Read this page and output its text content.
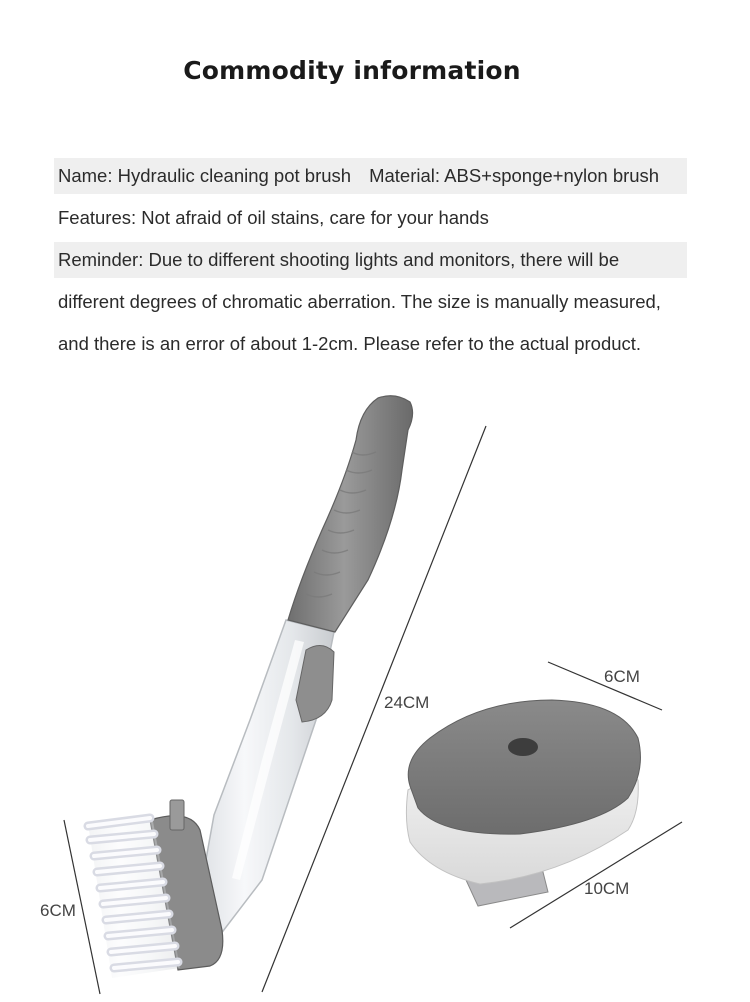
Commodity information
Name: Hydraulic cleaning pot brush Material: ABS+sponge+nylon brush
Features: Not afraid of oil stains, care for your hands
Reminder: Due to different shooting lights and monitors, there will be
different degrees of chromatic aberration. The size is manually measured,
and there is an error of about 1-2cm. Please refer to the actual product.
24CM
6CM
6CM
10CM
